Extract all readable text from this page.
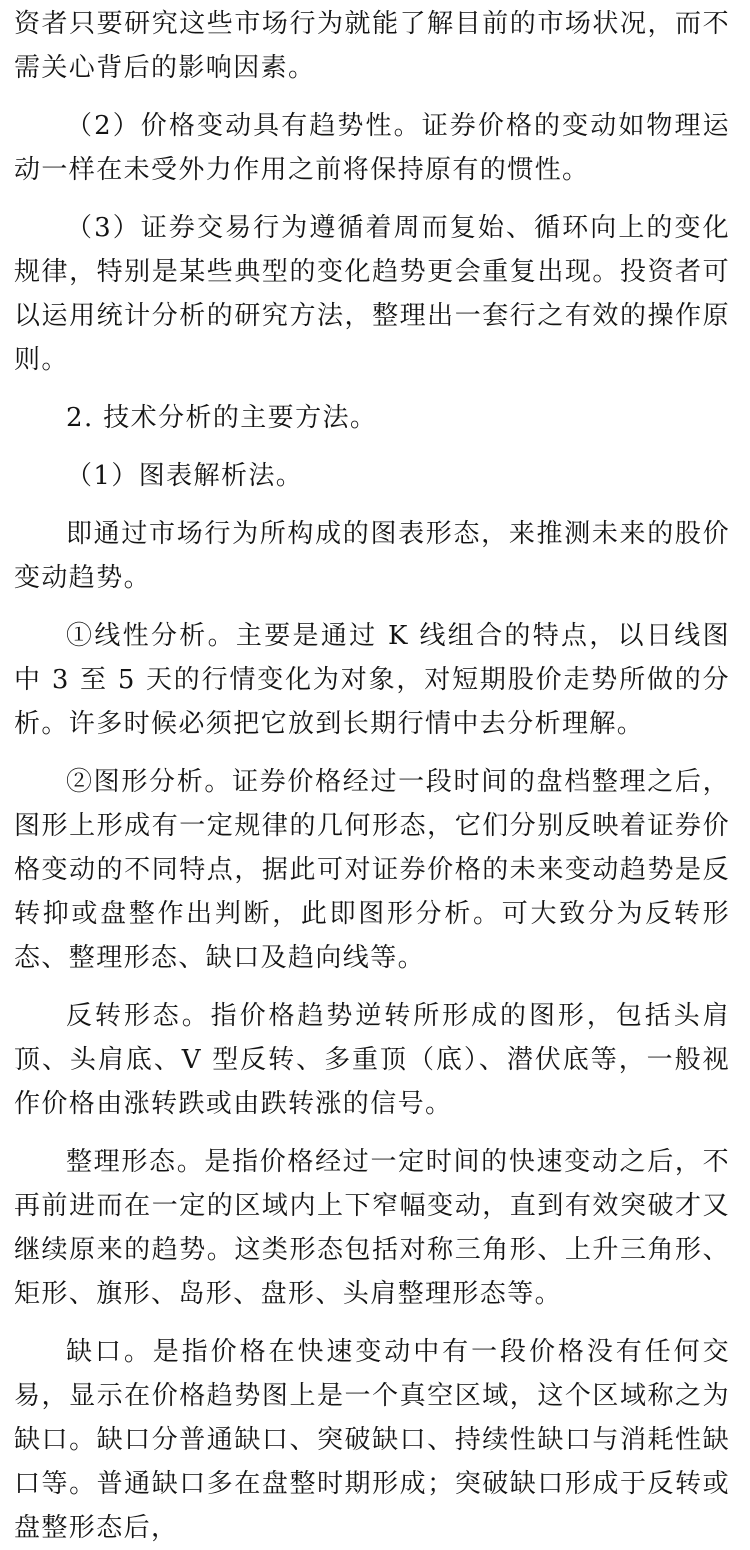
资者只要研究这些市场行为就能了解目前的市场状况，而不需关心背后的影响因素。

（2）价格变动具有趋势性。证券价格的变动如物理运动一样在未受外力作用之前将保持原有的惯性。

（3）证券交易行为遵循着周而复始、循环向上的变化规律，特别是某些典型的变化趋势更会重复出现。投资者可以运用统计分析的研究方法，整理出一套行之有效的操作原则。

2. 技术分析的主要方法。

（1）图表解析法。

即通过市场行为所构成的图表形态，来推测未来的股价变动趋势。

①线性分析。主要是通过 K 线组合的特点，以日线图中 3 至 5 天的行情变化为对象，对短期股价走势所做的分析。许多时候必须把它放到长期行情中去分析理解。

②图形分析。证券价格经过一段时间的盘档整理之后，图形上形成有一定规律的几何形态，它们分别反映着证券价格变动的不同特点，据此可对证券价格的未来变动趋势是反转抑或盘整作出判断，此即图形分析。可大致分为反转形态、整理形态、缺口及趋向线等。

反转形态。指价格趋势逆转所形成的图形，包括头肩顶、头肩底、V 型反转、多重顶（底）、潜伏底等，一般视作价格由涨转跌或由跌转涨的信号。

整理形态。是指价格经过一定时间的快速变动之后，不再前进而在一定的区域内上下窄幅变动，直到有效突破才又继续原来的趋势。这类形态包括对称三角形、上升三角形、矩形、旗形、岛形、盘形、头肩整理形态等。

缺口。是指价格在快速变动中有一段价格没有任何交易，显示在价格趋势图上是一个真空区域，这个区域称之为缺口。缺口分普通缺口、突破缺口、持续性缺口与消耗性缺口等。普通缺口多在盘整时期形成；突破缺口形成于反转或盘整形态后，
